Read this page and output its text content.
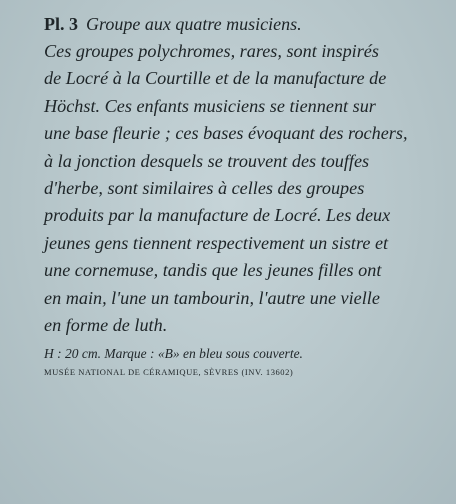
Pl. 3 Groupe aux quatre musiciens.
Ces groupes polychromes, rares, sont inspirés
de Locré à la Courtille et de la manufacture de
Höchst. Ces enfants musiciens se tiennent sur
une base fleurie ; ces bases évoquant des rochers,
à la jonction desquels se trouvent des touffes
d'herbe, sont similaires à celles des groupes
produits par la manufacture de Locré. Les deux
jeunes gens tiennent respectivement un sistre et
une cornemuse, tandis que les jeunes filles ont
en main, l'une un tambourin, l'autre une vielle
en forme de luth.
H : 20 cm. Marque : «B» en bleu sous couverte.
MUSÉE NATIONAL DE CÉRAMIQUE, SÈVRES (INV. 13602)
